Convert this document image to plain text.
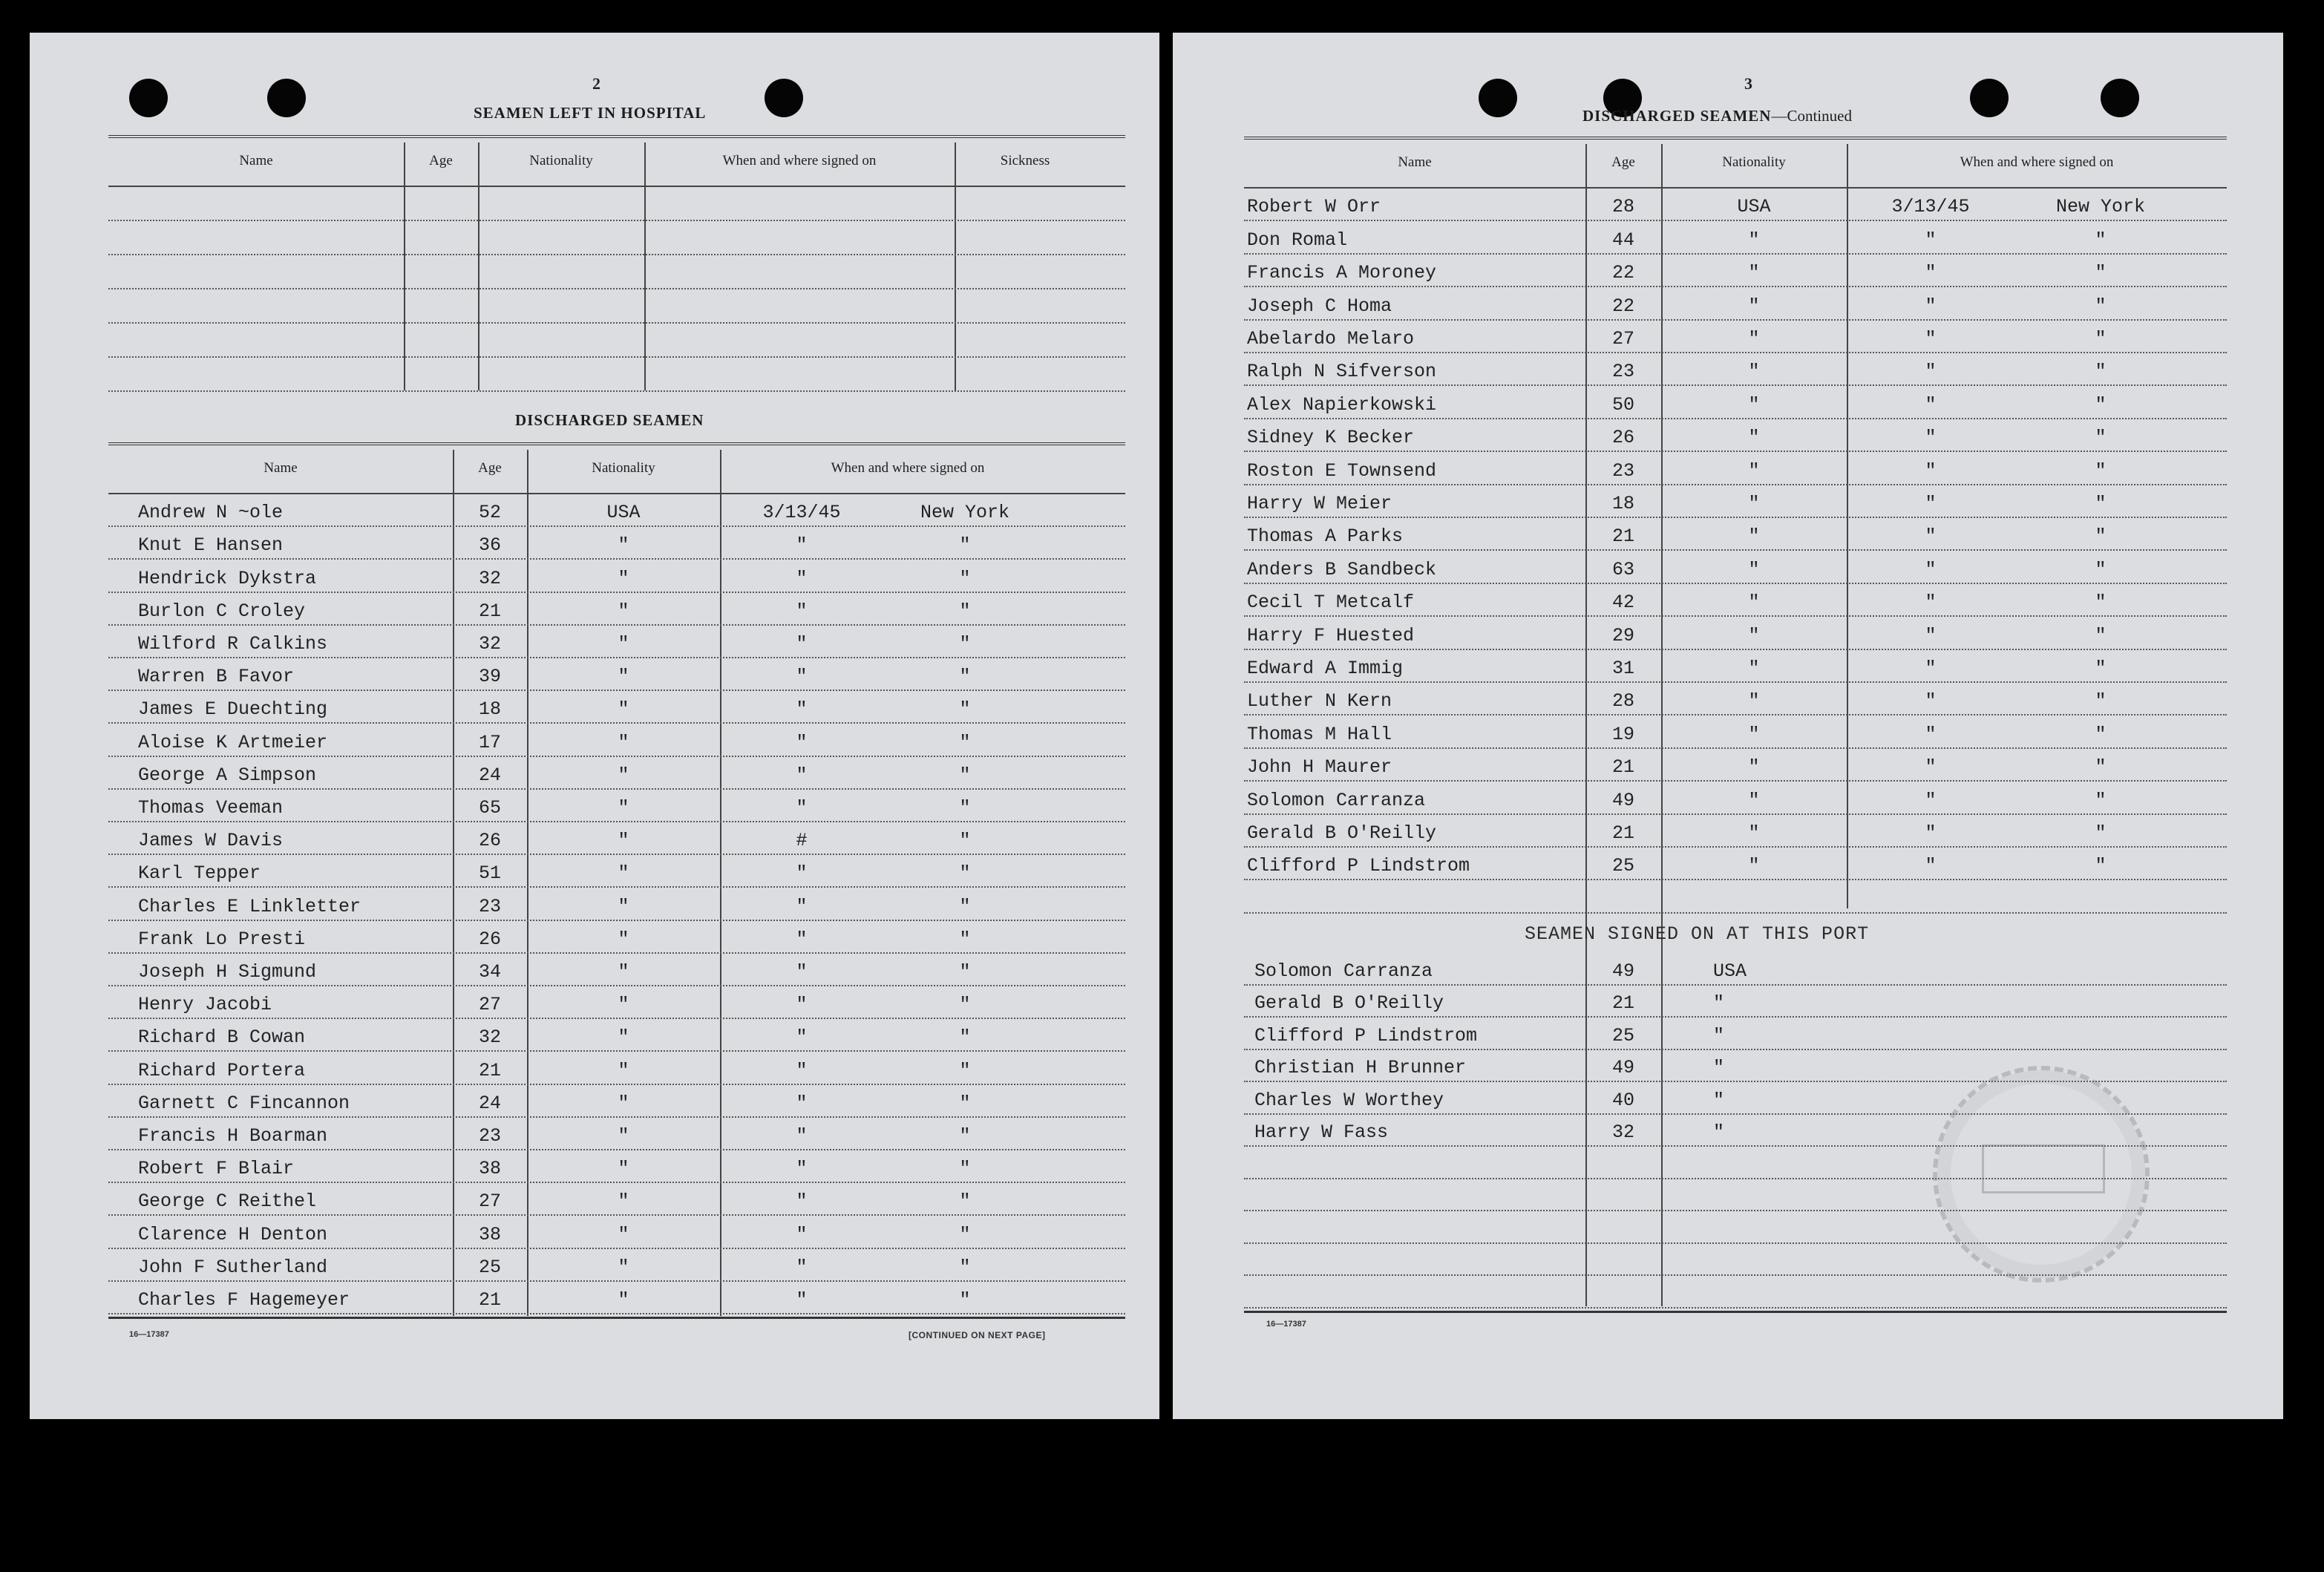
2
SEAMEN LEFT IN HOSPITAL
Name	Age	Nationality	When and where signed on	Sickness
DISCHARGED SEAMEN
Name	Age	Nationality	When and where signed on
Andrew N ~ole	52	USA	3/13/45	New York
Knut E Hansen	36	"	"	"
Hendrick Dykstra	32	"	"	"
Burlon C Croley	21	"	"	"
Wilford R Calkins	32	"	"	"
Warren B Favor	39	"	"	"
James E Duechting	18	"	"	"
Aloise K Artmeier	17	"	"	"
George A Simpson	24	"	"	"
Thomas Veeman	65	"	"	"
James W Davis	26	"	#	"
Karl Tepper	51	"	"	"
Charles E Linkletter	23	"	"	"
Frank Lo Presti	26	"	"	"
Joseph H Sigmund	34	"	"	"
Henry Jacobi	27	"	"	"
Richard B Cowan	32	"	"	"
Richard Portera	21	"	"	"
Garnett C Fincannon	24	"	"	"
Francis H Boarman	23	"	"	"
Robert F Blair	38	"	"	"
George C Reithel	27	"	"	"
Clarence H Denton	38	"	"	"
John F Sutherland	25	"	"	"
Charles F Hagemeyer	21	"	"	"
16—17387	[CONTINUED ON NEXT PAGE]
3
DISCHARGED SEAMEN—Continued
Name	Age	Nationality	When and where signed on
Robert W Orr	28	USA	3/13/45	New York
Don Romal	44	"	"	"
Francis A Moroney	22	"	"	"
Joseph C Homa	22	"	"	"
Abelardo Melaro	27	"	"	"
Ralph N Sifverson	23	"	"	"
Alex Napierkowski	50	"	"	"
Sidney K Becker	26	"	"	"
Roston E Townsend	23	"	"	"
Harry W Meier	18	"	"	"
Thomas A Parks	21	"	"	"
Anders B Sandbeck	63	"	"	"
Cecil T Metcalf	42	"	"	"
Harry F Huested	29	"	"	"
Edward A Immig	31	"	"	"
Luther N Kern	28	"	"	"
Thomas M Hall	19	"	"	"
John H Maurer	21	"	"	"
Solomon Carranza	49	"	"	"
Gerald B O'Reilly	21	"	"	"
Clifford P Lindstrom	25	"	"	"
Solomon Carranza	49	USA
Gerald B O'Reilly	21	"
Clifford P Lindstrom	25	"
Christian H Brunner	49	"
Charles W Worthey	40	"
Harry W Fass	32	"
SEAMEN SIGNED ON AT THIS PORT
16—17387
